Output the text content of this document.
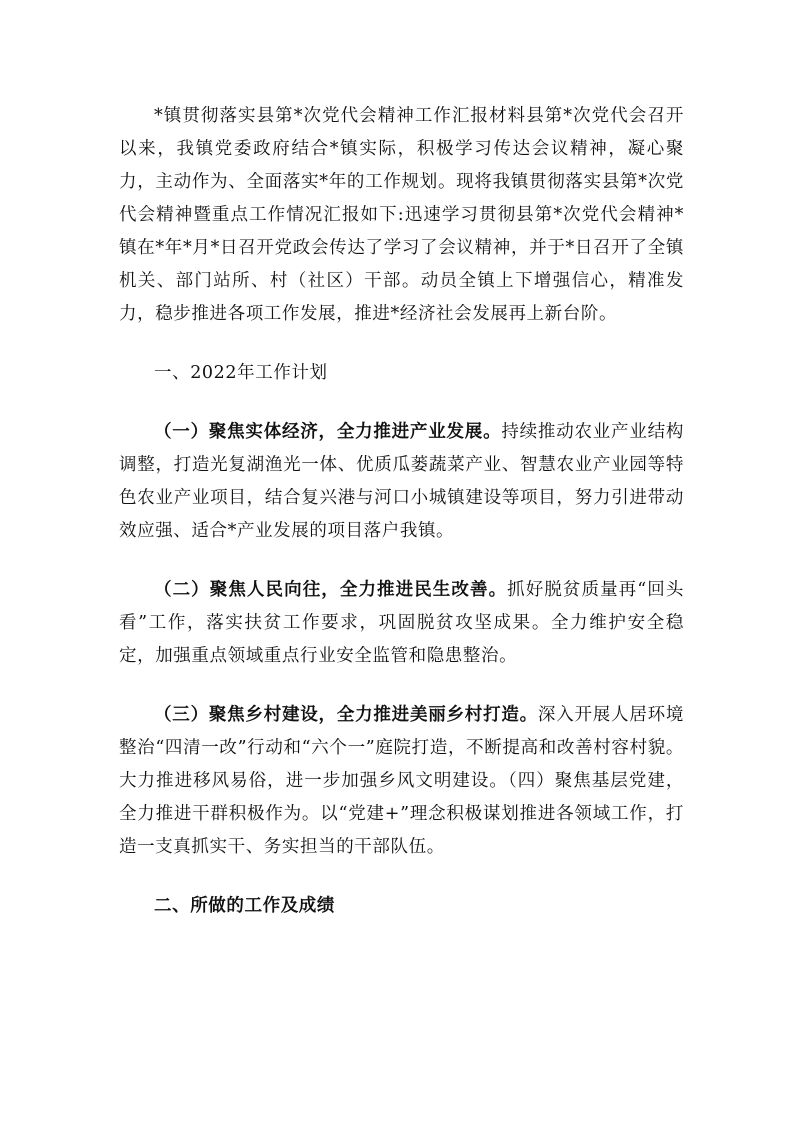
*镇贯彻落实县第*次党代会精神工作汇报材料县第*次党代会召开以来，我镇党委政府结合*镇实际，积极学习传达会议精神，凝心聚力，主动作为、全面落实*年的工作规划。现将我镇贯彻落实县第*次党代会精神暨重点工作情况汇报如下:迅速学习贯彻县第*次党代会精神*镇在*年*月*日召开党政会传达了学习了会议精神，并于*日召开了全镇机关、部门站所、村（社区）干部。动员全镇上下增强信心，精准发力，稳步推进各项工作发展，推进*经济社会发展再上新台阶。

一、2022年工作计划

（一）聚焦实体经济，全力推进产业发展。持续推动农业产业结构调整，打造光复湖渔光一体、优质瓜蒌蔬菜产业、智慧农业产业园等特色农业产业项目，结合复兴港与河口小城镇建设等项目，努力引进带动效应强、适合*产业发展的项目落户我镇。

（二）聚焦人民向往，全力推进民生改善。抓好脱贫质量再“回头看”工作，落实扶贫工作要求，巩固脱贫攻坚成果。全力维护安全稳定，加强重点领域重点行业安全监管和隐患整治。

（三）聚焦乡村建设，全力推进美丽乡村打造。深入开展人居环境整治“四清一改”行动和“六个一”庭院打造，不断提高和改善村容村貌。大力推进移风易俗，进一步加强乡风文明建设。（四）聚焦基层党建，全力推进干群积极作为。以“党建+”理念积极谋划推进各领域工作，打造一支真抓实干、务实担当的干部队伍。

二、所做的工作及成绩
